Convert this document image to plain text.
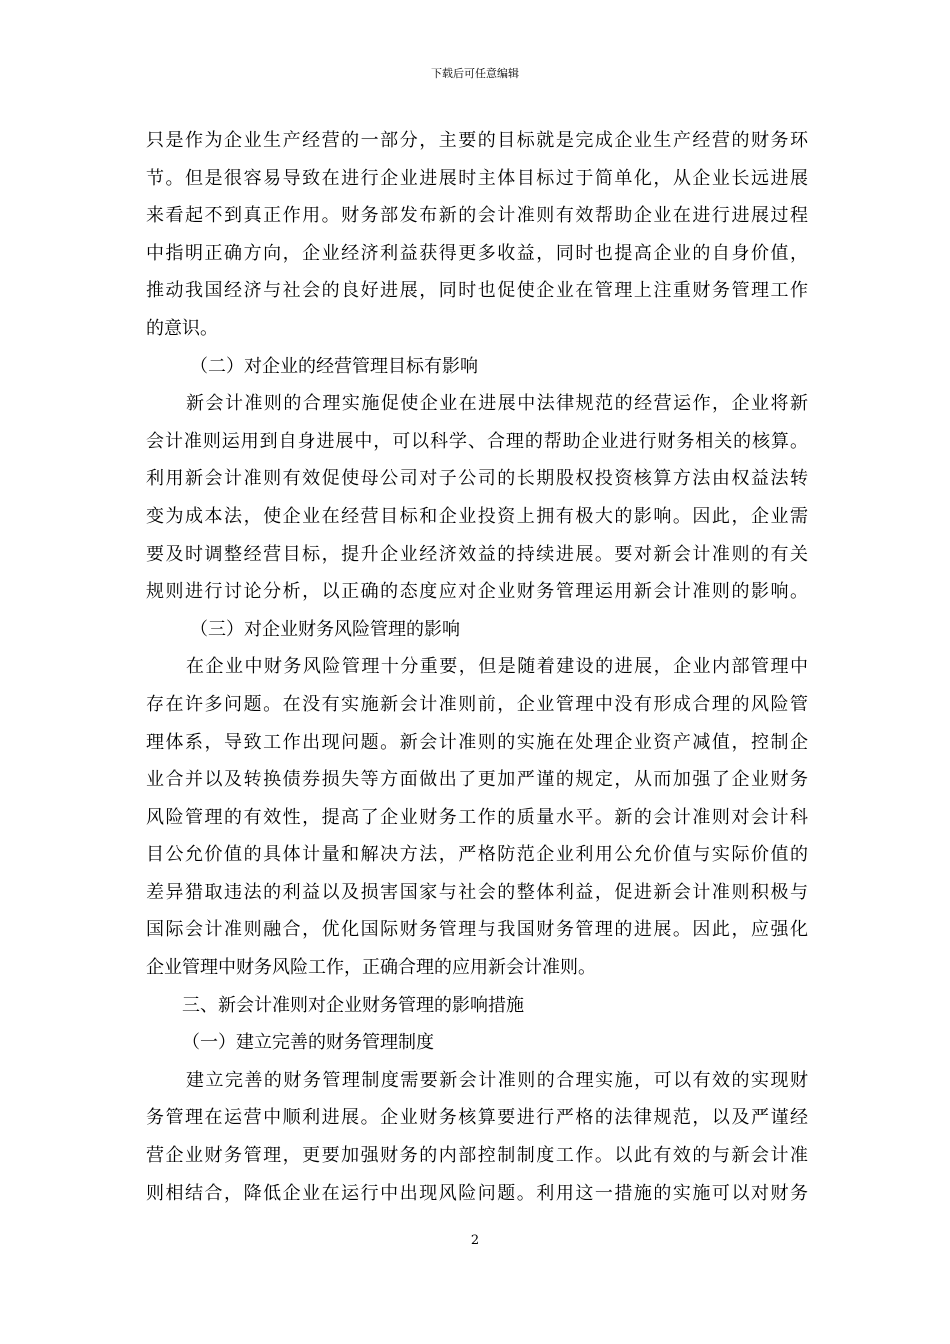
下载后可任意编辑
只是作为企业生产经营的一部分，主要的目标就是完成企业生产经营的财务环
节。但是很容易导致在进行企业进展时主体目标过于简单化，从企业长远进展
来看起不到真正作用。财务部发布新的会计准则有效帮助企业在进行进展过程
中指明正确方向，企业经济利益获得更多收益，同时也提高企业的自身价值，
推动我国经济与社会的良好进展，同时也促使企业在管理上注重财务管理工作
的意识。
（二）对企业的经营管理目标有影响
新会计准则的合理实施促使企业在进展中法律规范的经营运作，企业将新
会计准则运用到自身进展中，可以科学、合理的帮助企业进行财务相关的核算。
利用新会计准则有效促使母公司对子公司的长期股权投资核算方法由权益法转
变为成本法，使企业在经营目标和企业投资上拥有极大的影响。因此，企业需
要及时调整经营目标，提升企业经济效益的持续进展。要对新会计准则的有关
规则进行讨论分析，以正确的态度应对企业财务管理运用新会计准则的影响。
（三）对企业财务风险管理的影响
在企业中财务风险管理十分重要，但是随着建设的进展，企业内部管理中
存在许多问题。在没有实施新会计准则前，企业管理中没有形成合理的风险管
理体系，导致工作出现问题。新会计准则的实施在处理企业资产减值，控制企
业合并以及转换债券损失等方面做出了更加严谨的规定，从而加强了企业财务
风险管理的有效性，提高了企业财务工作的质量水平。新的会计准则对会计科
目公允价值的具体计量和解决方法，严格防范企业利用公允价值与实际价值的
差异猎取违法的利益以及损害国家与社会的整体利益，促进新会计准则积极与
国际会计准则融合，优化国际财务管理与我国财务管理的进展。因此，应强化
企业管理中财务风险工作，正确合理的应用新会计准则。
三、新会计准则对企业财务管理的影响措施
（一）建立完善的财务管理制度
建立完善的财务管理制度需要新会计准则的合理实施，可以有效的实现财
务管理在运营中顺利进展。企业财务核算要进行严格的法律规范，以及严谨经
营企业财务管理，更要加强财务的内部控制制度工作。以此有效的与新会计准
则相结合，降低企业在运行中出现风险问题。利用这一措施的实施可以对财务
2
